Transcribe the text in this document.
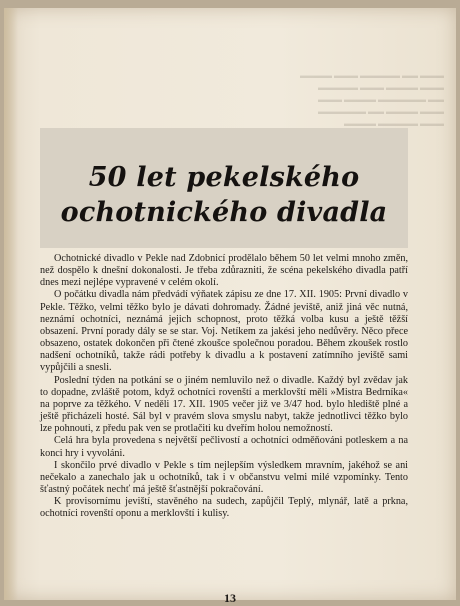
▬▬▬▬ ▬▬▬ ▬▬▬▬▬ ▬▬ ▬▬▬
▬▬▬▬▬ ▬▬▬ ▬▬▬▬ ▬▬▬
▬▬▬ ▬▬▬▬ ▬▬▬▬▬▬ ▬▬
▬▬▬▬▬▬ ▬▬ ▬▬▬▬ ▬▬▬
▬▬▬▬ ▬▬▬▬▬ ▬▬▬
13
50 let pekelského
ochotnického divadla

Ochotnické divadlo v Pekle nad Zdobnicí prodělalo během 50 let velmi mnoho změn, než dospělo k dnešní dokonalosti. Je třeba zdůrazniti, že scéna pekelského divadla patří dnes mezi nejlépe vypravené v celém okolí.

O počátku divadla nám předvádí výňatek zápisu ze dne 17. XII. 1905: První divadlo v Pekle. Těžko, velmi těžko bylo je dávati dohromady. Žádné jeviště, aniž jiná věc nutná, neznámí ochotníci, neznámá jejich schopnost, proto těžká volba kusu a ještě těžší obsazení. První porady dály se se star. Voj. Netíkem za jakési jeho nedůvěry. Něco přece obsazeno, ostatek dokončen při čtené zkoušce společnou poradou. Během zkoušek rostlo nadšení ochotníků, takže rádi potřeby k divadlu a k postavení zatímního jeviště sami vypůjčili a snesli.

Poslední týden na potkání se o jiném nemluvilo než o divadle. Každý byl zvědav jak to dopadne, zvláště potom, když ochotníci rovenští a merklovští měli »Mistra Bedrníka« na poprve za těžkého. V neděli 17. XII. 1905 večer již ve 3/47 hod. bylo hlediště plné a ještě přicházeli hosté. Sál byl v pravém slova smyslu nabyt, takže jednotlivci těžko bylo lze pohnouti, z předu pak ven se protlačiti ku dveřím holou nemožností.

Celá hra byla provedena s největší pečlivostí a ochotníci odměňováni potleskem a na konci hry i vyvoláni.

I skončilo prvé divadlo v Pekle s tím nejlepším výsledkem mravním, jakéhož se ani nečekalo a zanechalo jak u ochotníků, tak i v občanstvu velmi milé vzpomínky. Tento šťastný počátek nechť má ještě šťastnější pokračování.

K provisornímu jeviští, stavěného na sudech, zapůjčil Teplý, mlynář, latě a prkna, ochotníci rovenští oponu a merklovští i kulisy.
